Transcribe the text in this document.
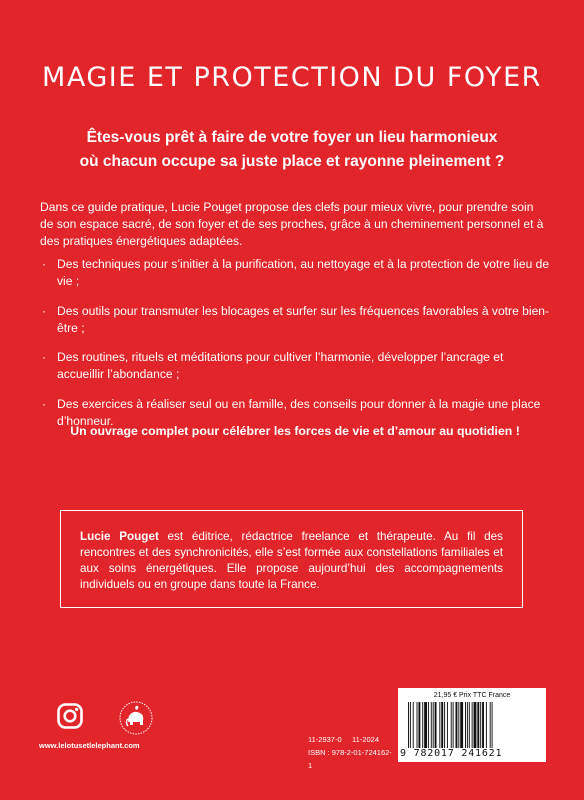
MAGIE ET PROTECTION DU FOYER
Êtes-vous prêt à faire de votre foyer un lieu harmonieux
où chacun occupe sa juste place et rayonne pleinement ?

Dans ce guide pratique, Lucie Pouget propose des clefs pour mieux vivre, pour prendre soin de son espace sacré, de son foyer et de ses proches, grâce à un cheminement personnel et à des pratiques énergétiques adaptées.

· Des techniques pour s’initier à la purification, au nettoyage et à la protection de votre lieu de vie ;
· Des outils pour transmuter les blocages et surfer sur les fréquences favorables à votre bien-être ;
· Des routines, rituels et méditations pour cultiver l’harmonie, développer l’ancrage et accueillir l’abondance ;
· Des exercices à réaliser seul ou en famille, des conseils pour donner à la magie une place d’honneur.
Un ouvrage complet pour célébrer les forces de vie et d’amour au quotidien !

Lucie Pouget est éditrice, rédactrice freelance et thérapeute. Au fil des rencontres et des synchronicités, elle s’est formée aux constellations familiales et aux soins énergétiques. Elle propose aujourd’hui des accompagnements individuels ou en groupe dans toute la France.

www.lelotusetlelephant.com
11-2937-0     11-2024
ISBN : 978-2-01-724162-1
21,95 € Prix TTC France
9 782017 241621
